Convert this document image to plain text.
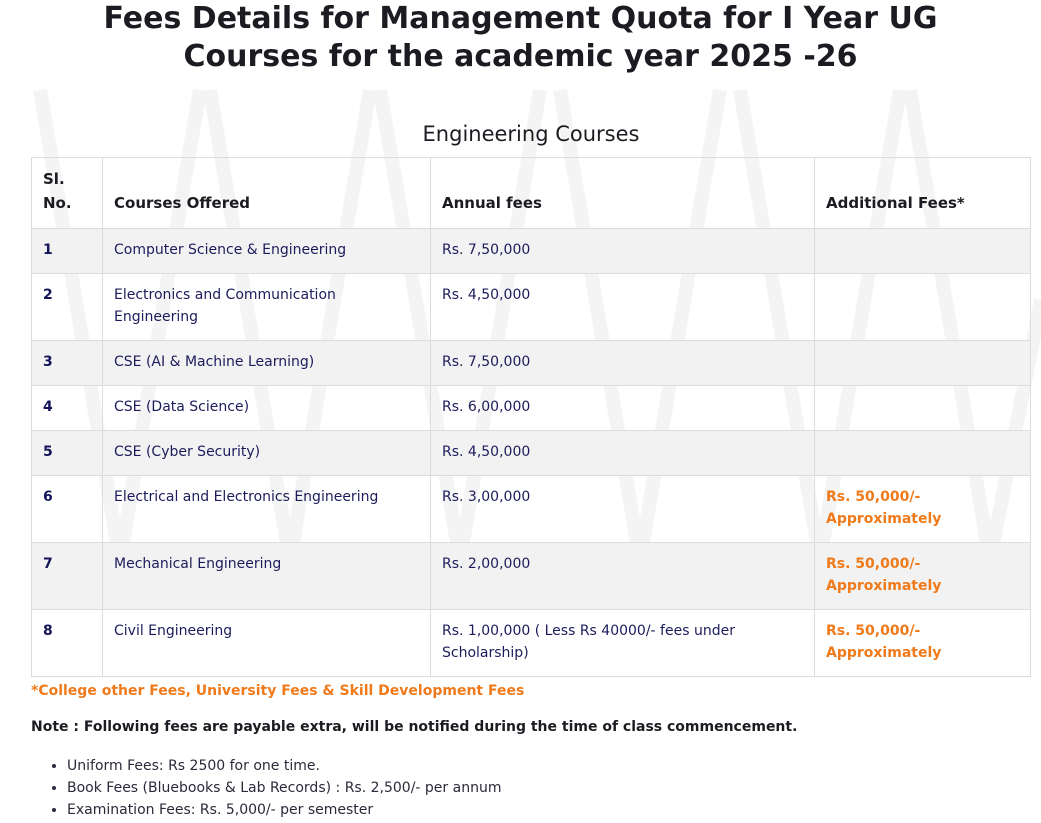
Fees Details for Management Quota for I Year UG
Courses for the academic year 2025 -26
Engineering Courses
Sl.
No.	Courses Offered	Annual fees	Additional Fees*
1	Computer Science & Engineering	Rs. 7,50,000	
2	Electronics and Communication Engineering	Rs. 4,50,000	
3	CSE (AI & Machine Learning)	Rs. 7,50,000	
4	CSE (Data Science)	Rs. 6,00,000	
5	CSE (Cyber Security)	Rs. 4,50,000	
6	Electrical and Electronics Engineering	Rs. 3,00,000	Rs. 50,000/- Approximately
7	Mechanical Engineering	Rs. 2,00,000	Rs. 50,000/- Approximately
8	Civil Engineering	Rs. 1,00,000 ( Less Rs 40000/- fees under Scholarship)	Rs. 50,000/- Approximately
*College other Fees, University Fees & Skill Development Fees
Note : Following fees are payable extra, will be notified during the time of class commencement.
• Uniform Fees: Rs 2500 for one time.
• Book Fees (Bluebooks & Lab Records) : Rs. 2,500/- per annum
• Examination Fees: Rs. 5,000/- per semester
